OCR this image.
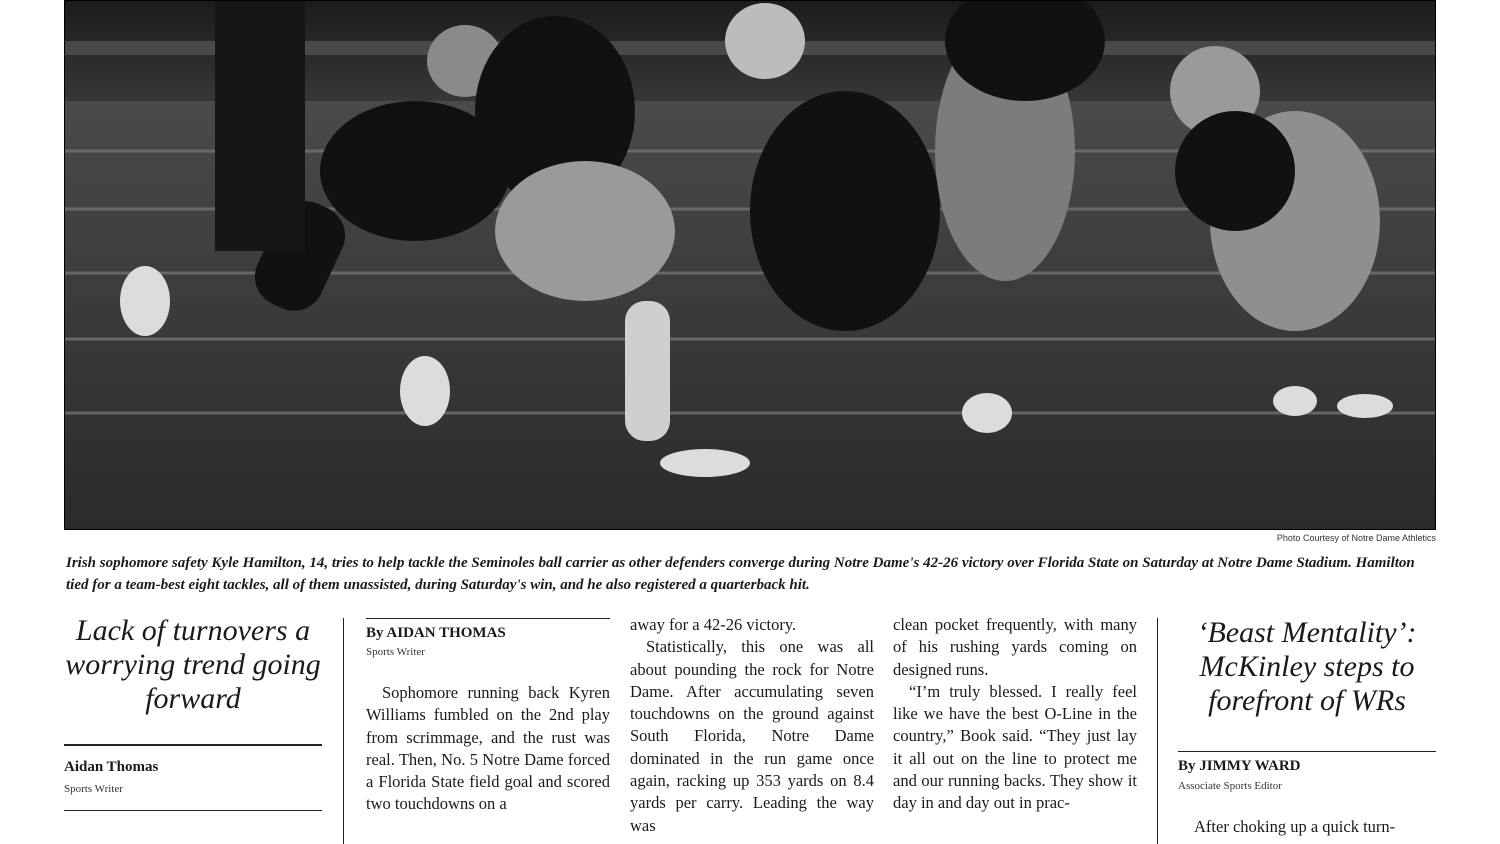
Photo Courtesy of Notre Dame Athletics
Irish sophomore safety Kyle Hamilton, 14, tries to help tackle the Seminoles ball carrier as other defenders converge during Notre Dame's 42-26 victory over Florida State on Saturday at Notre Dame Stadium. Hamilton tied for a team-best eight tackles, all of them unassisted, during Saturday's win, and he also registered a quarterback hit.
Lack of turnovers a worrying trend going forward
Aidan Thomas
Sports Writer
By AIDAN THOMAS
Sports Writer

Sophomore running back Kyren Williams fumbled on the 2nd play from scrimmage, and the rust was real. Then, No. 5 Notre Dame forced a Florida State field goal and scored two touchdowns on a

away for a 42-26 victory.

Statistically, this one was all about pounding the rock for Notre Dame. After accumulating seven touchdowns on the ground against South Florida, Notre Dame dominated in the run game once again, racking up 353 yards on 8.4 yards per carry. Leading the way was

clean pocket frequently, with many of his rushing yards coming on designed runs.

“I’m truly blessed. I really feel like we have the best O-Line in the country,” Book said. “They just lay it all out on the line to protect me and our running backs. They show it day in and day out in prac-

‘Beast Mentality’: McKinley steps to forefront of WRs
By JIMMY WARD
Associate Sports Editor

After choking up a quick turn-
